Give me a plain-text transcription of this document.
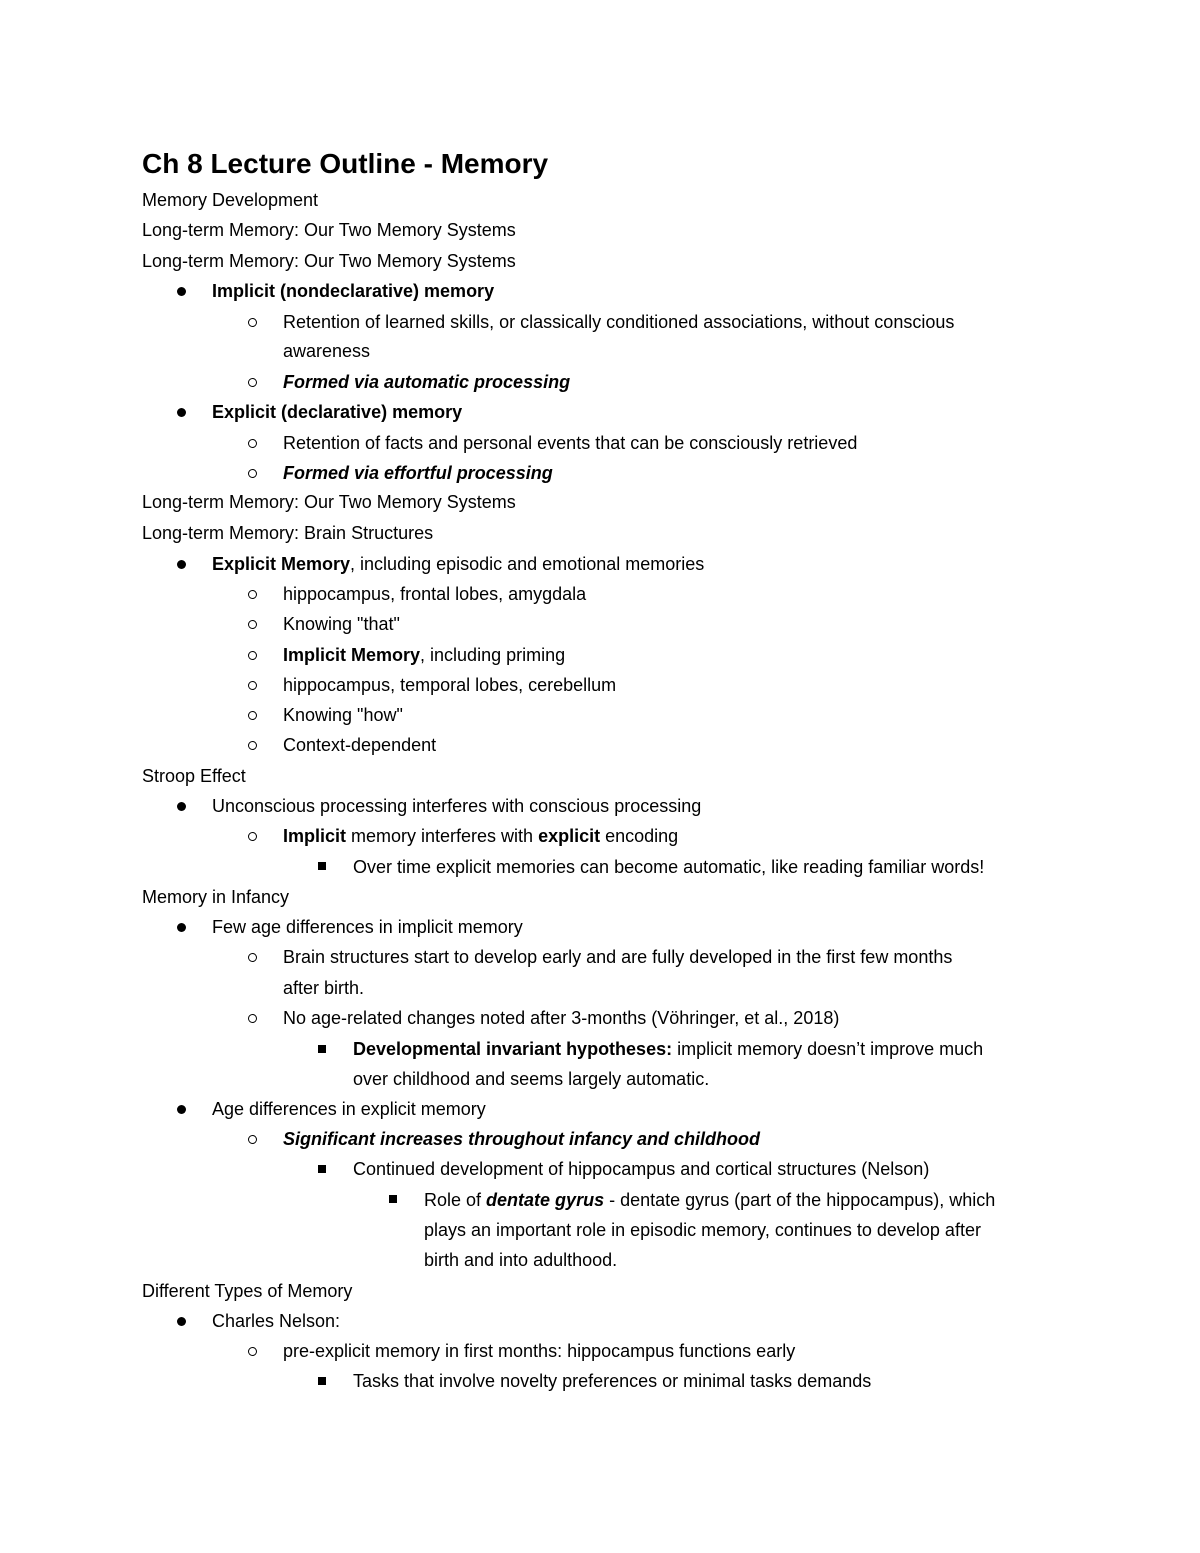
Ch 8 Lecture Outline - Memory
Memory Development
Long-term Memory: Our Two Memory Systems
Long-term Memory: Our Two Memory Systems
Implicit (nondeclarative) memory
Retention of learned skills, or classically conditioned associations, without conscious
awareness
Formed via automatic processing
Explicit (declarative) memory
Retention of facts and personal events that can be consciously retrieved
Formed via effortful processing
Long-term Memory: Our Two Memory Systems
Long-term Memory: Brain Structures
Explicit Memory, including episodic and emotional memories
hippocampus, frontal lobes, amygdala
Knowing "that"
Implicit Memory, including priming
hippocampus, temporal lobes, cerebellum
Knowing "how"
Context-dependent
Stroop Effect
Unconscious processing interferes with conscious processing
Implicit memory interferes with explicit encoding
Over time explicit memories can become automatic, like reading familiar words!
Memory in Infancy
Few age differences in implicit memory
Brain structures start to develop early and are fully developed in the first few months
after birth.
No age-related changes noted after 3-months (Vöhringer, et al., 2018)
Developmental invariant hypotheses: implicit memory doesn’t improve much
over childhood and seems largely automatic.
Age differences in explicit memory
Significant increases throughout infancy and childhood
Continued development of hippocampus and cortical structures (Nelson)
Role of dentate gyrus - dentate gyrus (part of the hippocampus), which
plays an important role in episodic memory, continues to develop after
birth and into adulthood.
Different Types of Memory
Charles Nelson:
pre-explicit memory in first months: hippocampus functions early
Tasks that involve novelty preferences or minimal tasks demands
